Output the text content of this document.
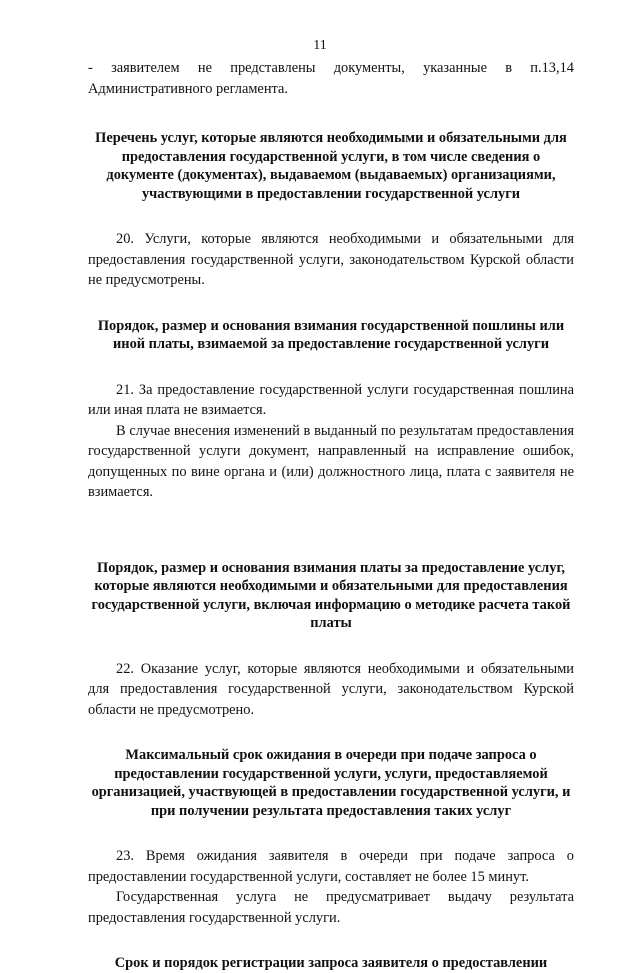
11

- заявителем не представлены документы, указанные в п.13,14 Административного регламента.

Перечень услуг, которые являются необходимыми и обязательными для предоставления государственной услуги, в том числе сведения о документе (документах), выдаваемом (выдаваемых) организациями, участвующими в предоставлении государственной услуги

20. Услуги, которые являются необходимыми и обязательными для предоставления государственной услуги, законодательством Курской области не предусмотрены.

Порядок, размер и основания взимания государственной пошлины или иной платы, взимаемой за предоставление государственной услуги

21. За предоставление государственной услуги государственная пошлина или иная плата не взимается.

В случае внесения изменений в выданный по результатам предоставления государственной услуги документ, направленный на исправление ошибок, допущенных по вине органа и (или) должностного лица, плата с заявителя не взимается.

Порядок, размер и основания взимания платы за предоставление услуг, которые являются необходимыми и обязательными для предоставления государственной услуги, включая информацию о методике расчета такой платы

22. Оказание услуг, которые являются необходимыми и обязательными для предоставления государственной услуги, законодательством Курской области не предусмотрено.

Максимальный срок ожидания в очереди при подаче запроса о предоставлении государственной услуги, услуги, предоставляемой организацией, участвующей в предоставлении государственной услуги, и при получении результата предоставления таких услуг

23. Время ожидания заявителя в очереди при подаче запроса о предоставлении государственной услуги, составляет не более 15 минут.

Государственная услуга не предусматривает выдачу результата предоставления государственной услуги.

Срок и порядок регистрации запроса заявителя о предоставлении
